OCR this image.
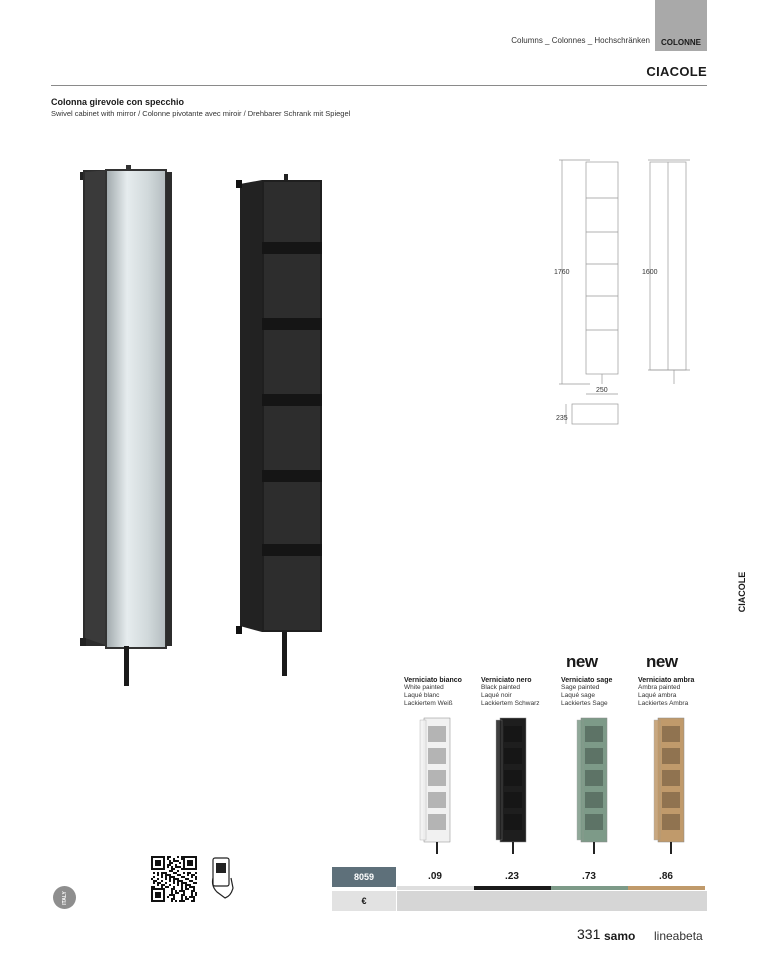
Columns _ Colonnes _ Hochschränken	COLONNE
CIACOLE
Colonna girevole con specchio
Swivel cabinet with mirror / Colonne pivotante avec miroir / Drehbarer Schrank mit Spiegel
CIACOLE
1760	1600
250
235
new	new
Verniciato bianco
White painted
Laqué blanc
Lackiertem Weiß
Verniciato nero
Black painted
Laqué noir
Lackiertem Schwarz
Verniciato sage
Sage painted
Laqué sage
Lackiertes Sage
Verniciato ambra
Ambra painted
Laqué ambra
Lackiertes Ambra
ITALY
8059	.09	.23	.73	.86
€
331 samo lineabeta
